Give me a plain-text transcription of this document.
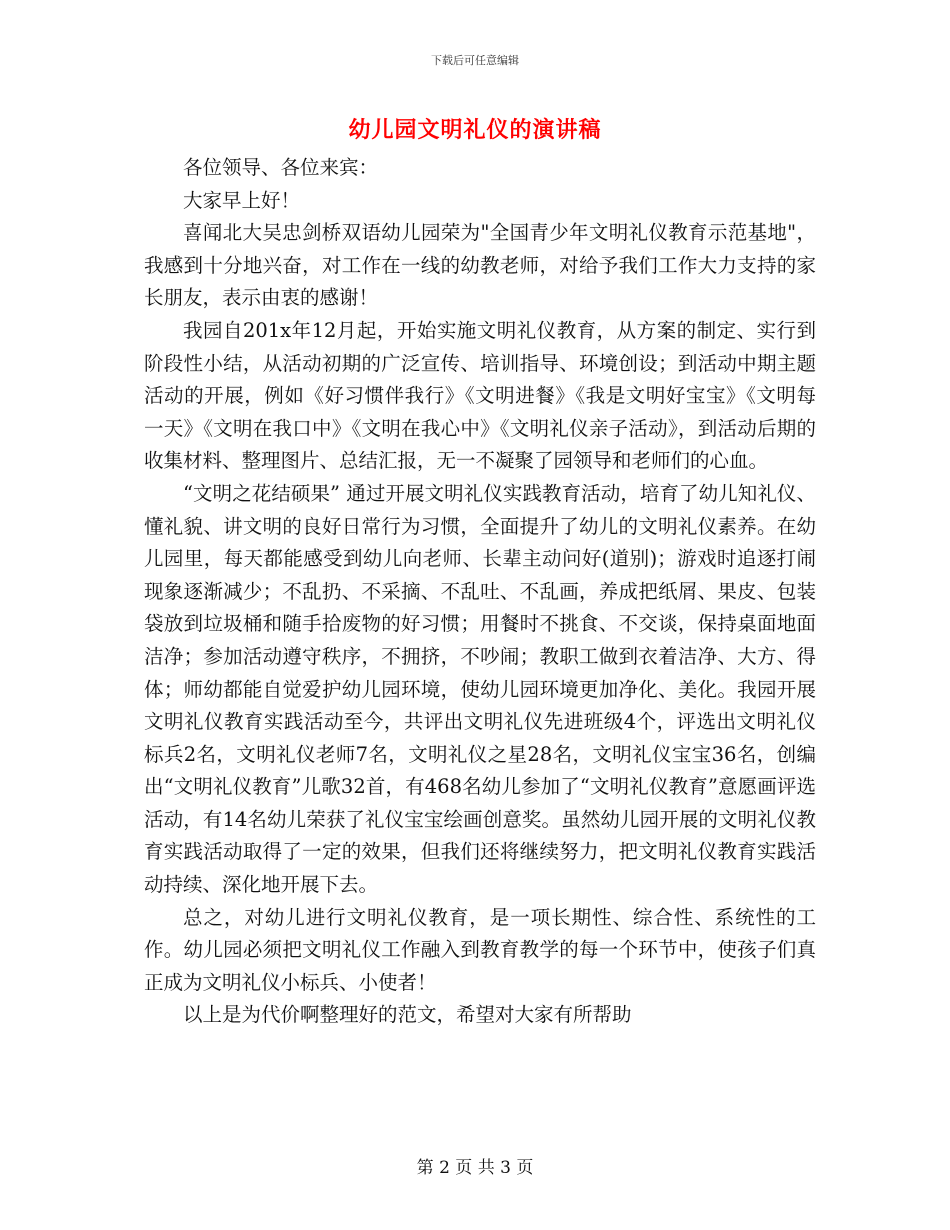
下载后可任意编辑
幼儿园文明礼仪的演讲稿

各位领导、各位来宾：

大家早上好！

喜闻北大吴忠剑桥双语幼儿园荣为"全国青少年文明礼仪教育示范基地"，我感到十分地兴奋，对工作在一线的幼教老师，对给予我们工作大力支持的家长朋友，表示由衷的感谢！

我园自201x年12月起，开始实施文明礼仪教育，从方案的制定、实行到阶段性小结，从活动初期的广泛宣传、培训指导、环境创设；到活动中期主题活动的开展，例如《好习惯伴我行》《文明进餐》《我是文明好宝宝》《文明每一天》《文明在我口中》《文明在我心中》《文明礼仪亲子活动》，到活动后期的收集材料、整理图片、总结汇报，无一不凝聚了园领导和老师们的心血。

“文明之花结硕果” 通过开展文明礼仪实践教育活动，培育了幼儿知礼仪、懂礼貌、讲文明的良好日常行为习惯，全面提升了幼儿的文明礼仪素养。在幼儿园里，每天都能感受到幼儿向老师、长辈主动问好(道别)；游戏时追逐打闹现象逐渐减少；不乱扔、不采摘、不乱吐、不乱画，养成把纸屑、果皮、包装袋放到垃圾桶和随手拾废物的好习惯；用餐时不挑食、不交谈，保持桌面地面洁净；参加活动遵守秩序，不拥挤，不吵闹；教职工做到衣着洁净、大方、得体；师幼都能自觉爱护幼儿园环境，使幼儿园环境更加净化、美化。我园开展文明礼仪教育实践活动至今，共评出文明礼仪先进班级4个，评选出文明礼仪标兵2名，文明礼仪老师7名，文明礼仪之星28名，文明礼仪宝宝36名，创编出“文明礼仪教育”儿歌32首，有468名幼儿参加了“文明礼仪教育”意愿画评选活动，有14名幼儿荣获了礼仪宝宝绘画创意奖。虽然幼儿园开展的文明礼仪教育实践活动取得了一定的效果，但我们还将继续努力，把文明礼仪教育实践活动持续、深化地开展下去。

总之，对幼儿进行文明礼仪教育，是一项长期性、综合性、系统性的工作。幼儿园必须把文明礼仪工作融入到教育教学的每一个环节中，使孩子们真正成为文明礼仪小标兵、小使者！

以上是为代价啊整理好的范文，希望对大家有所帮助

第 2 页 共 3 页
